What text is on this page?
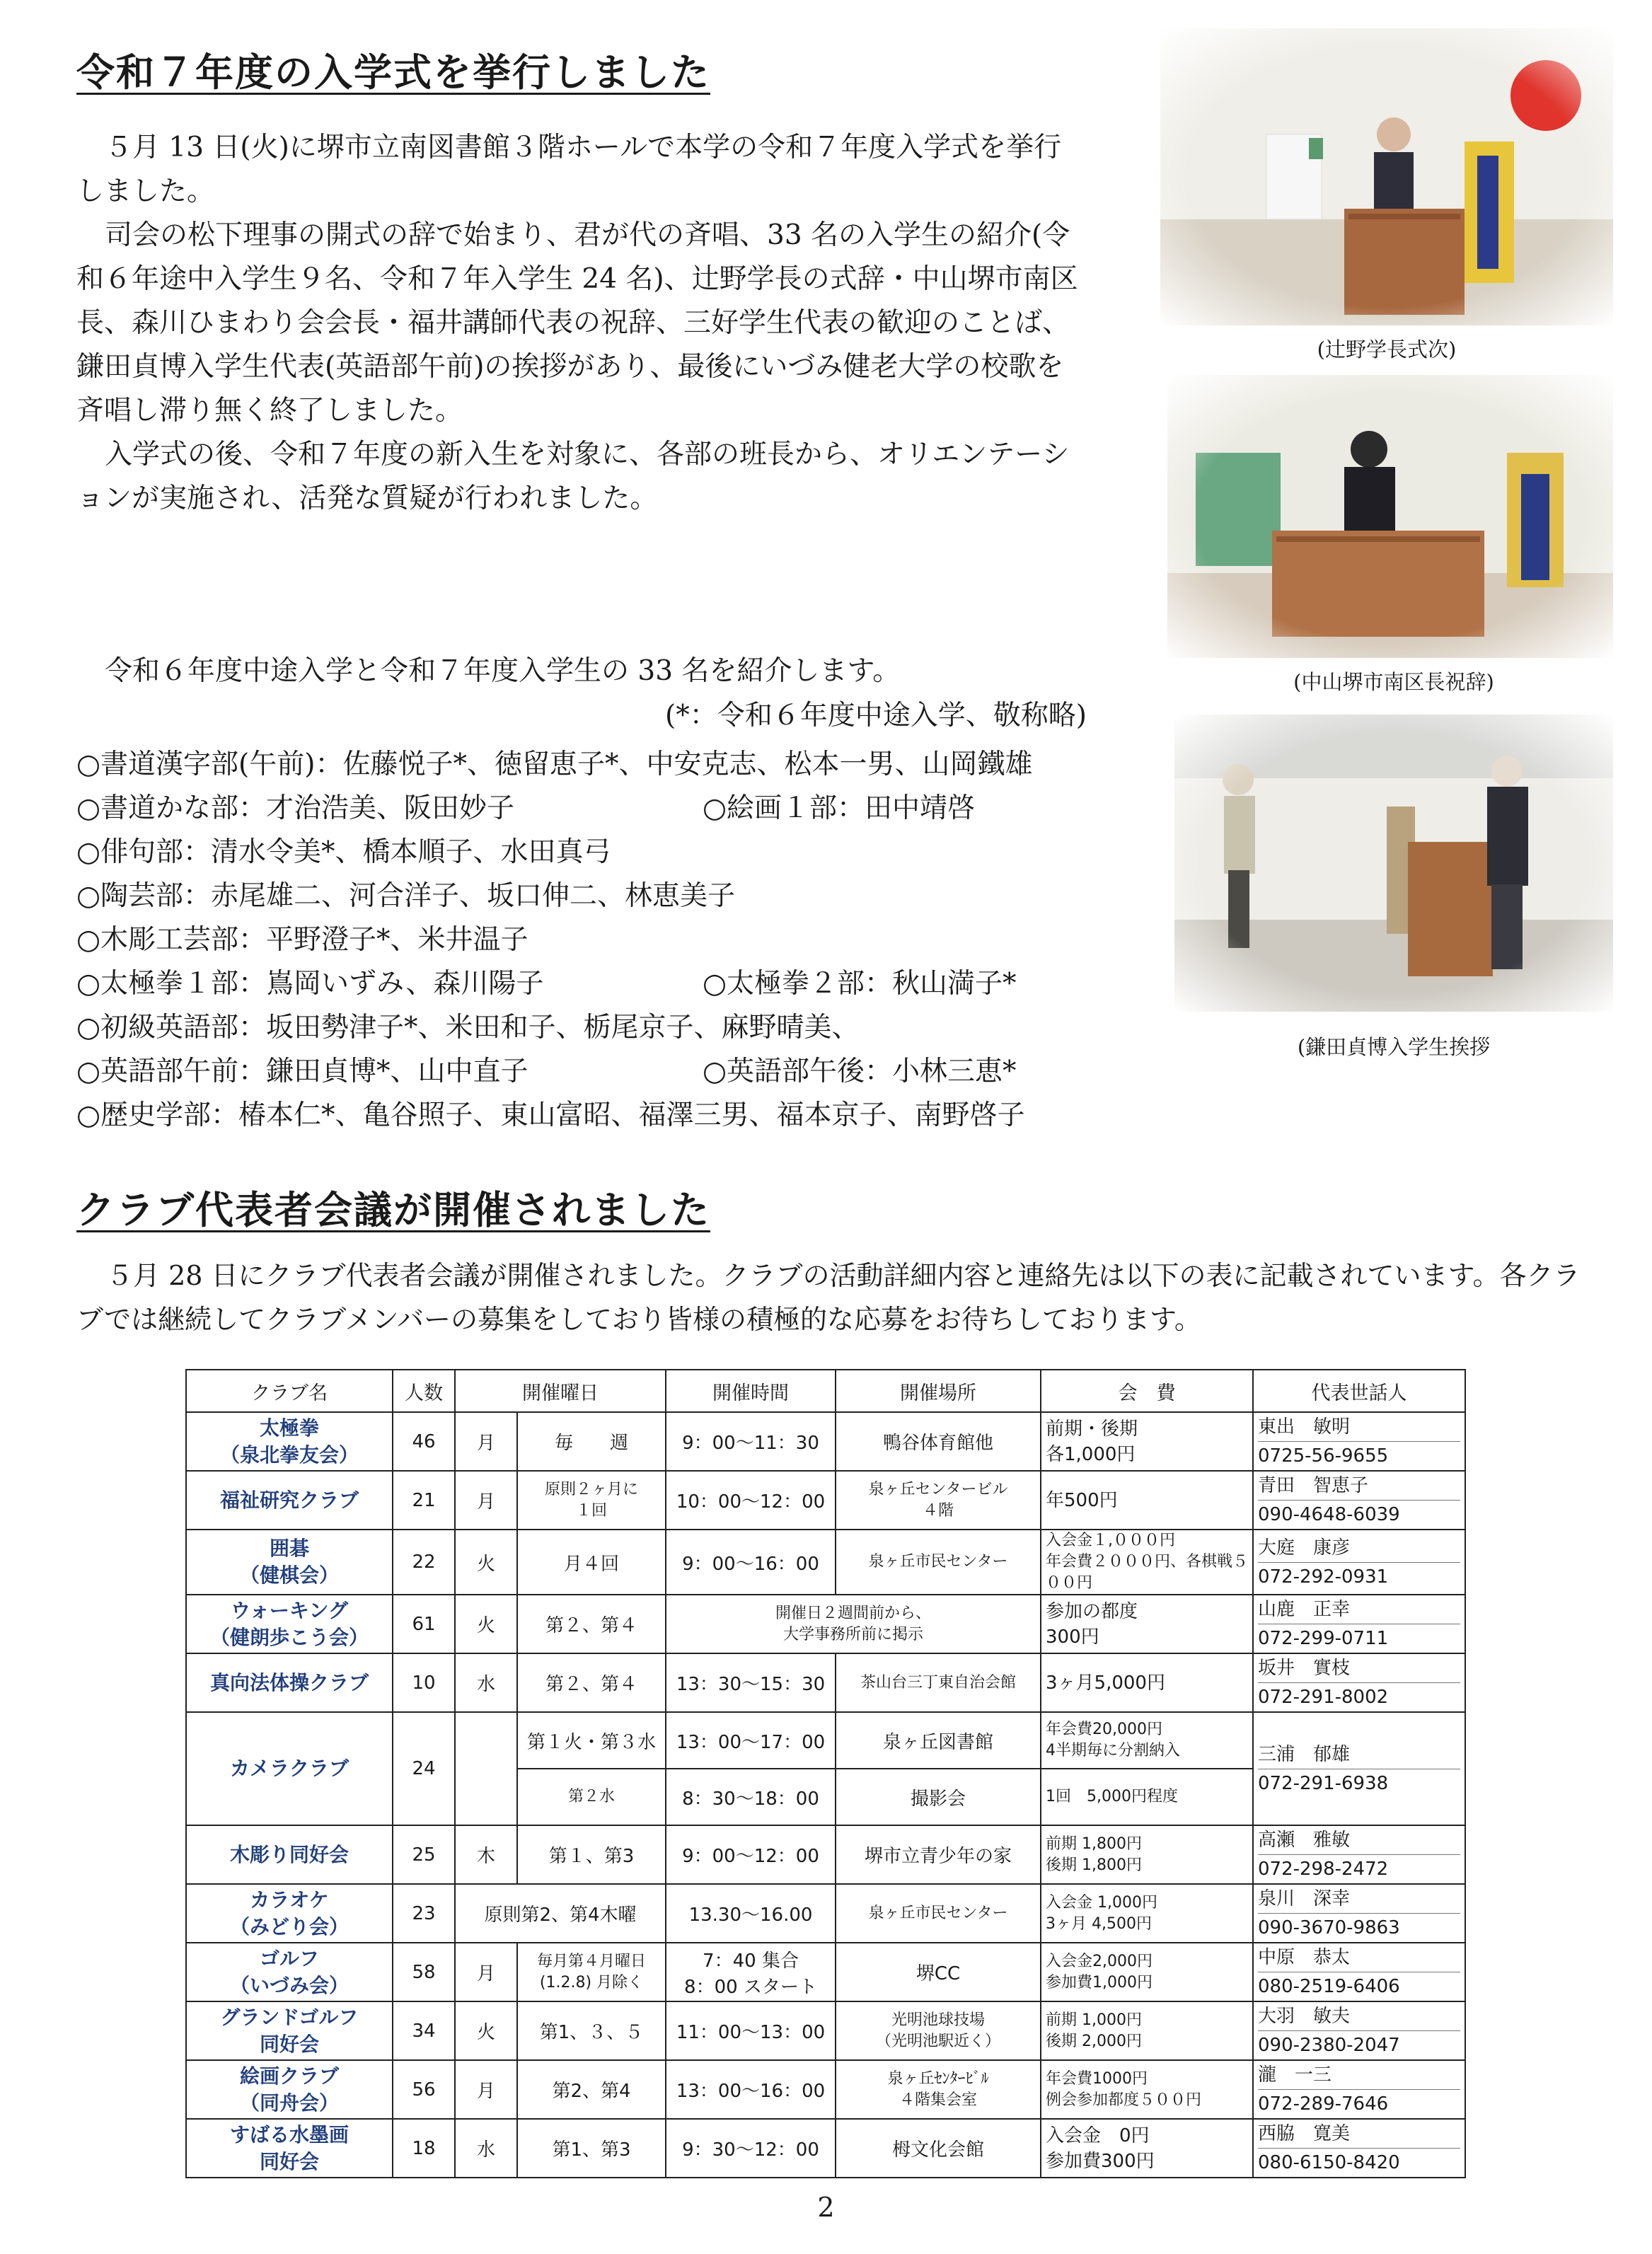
令和７年度の入学式を挙行しました

５月 13 日(火)に堺市立南図書館３階ホールで本学の令和７年度入学式を挙行しました。

司会の松下理事の開式の辞で始まり、君が代の斉唱、33 名の入学生の紹介(令和６年途中入学生９名、令和７年入学生 24 名)、辻野学長の式辞・中山堺市南区長、森川ひまわり会会長・福井講師代表の祝辞、三好学生代表の歓迎のことば、鎌田貞博入学生代表(英語部午前)の挨拶があり、最後にいづみ健老大学の校歌を斉唱し滞り無く終了しました。

入学式の後、令和７年度の新入生を対象に、各部の班長から、オリエンテーションが実施され、活発な質疑が行われました。

令和６年度中途入学と令和７年度入学生の 33 名を紹介します。

(*：令和６年度中途入学、敬称略)
○書道漢字部(午前)：佐藤悦子*、徳留恵子*、中安克志、松本一男、山岡鐵雄
○書道かな部：才治浩美、阪田妙子	○絵画１部：田中靖啓
○俳句部：清水令美*、橋本順子、水田真弓
○陶芸部：赤尾雄二、河合洋子、坂口伸二、林恵美子
○木彫工芸部：平野澄子*、米井温子
○太極拳１部：嶌岡いずみ、森川陽子	○太極拳２部：秋山満子*
○初級英語部：坂田勢津子*、米田和子、栃尾京子、麻野晴美、
○英語部午前：鎌田貞博*、山中直子	○英語部午後：小林三恵*
○歴史学部：椿本仁*、亀谷照子、東山富昭、福澤三男、福本京子、南野啓子
(辻野学長式次)
(中山堺市南区長祝辞)
(鎌田貞博入学生挨拶
クラブ代表者会議が開催されました

５月 28 日にクラブ代表者会議が開催されました。クラブの活動詳細内容と連絡先は以下の表に記載されています。各クラブでは継続してクラブメンバーの募集をしており皆様の積極的な応募をお待ちしております。

クラブ名	人数	開催曜日		開催時間	開催場所	会　費	代表世話人
太極拳
（泉北拳友会）	46	月	毎　　週	9：00～11：30	鴨谷体育館他	前期・後期
各1,000円	東出　敏明
0725-56-9655

福祉研究クラブ	21	月	原則２ヶ月に
１回	10：00～12：00	泉ヶ丘センタービル
４階	年500円	青田　智恵子
090-4648-6039

囲碁
（健棋会）	22	火	月４回	9：00～16：00	泉ヶ丘市民センター	入会金１,０００円
年会費２０００円、各棋戦５００円	大庭　康彦
072-292-0931

ウォーキング
（健朗歩こう会）	61	火	第２、第４	開催日２週間前から、
大学事務所前に掲示		参加の都度
300円	山鹿　正幸
072-299-0711

真向法体操クラブ	10	水	第２、第４	13：30～15：30	茶山台三丁東自治会館	3ヶ月5,000円	坂井　實枝
072-291-8002

カメラクラブ	24		第１火・第３水	13：00～17：00	泉ヶ丘図書館	年会費20,000円
4半期毎に分割納入	三浦　郁雄
072-291-6938

			第２水	8：30～18：00	撮影会	1回　5,000円程度	
木彫り同好会	25	木	第１、第3	9：00～12：00	堺市立青少年の家	前期 1,800円
後期 1,800円	高瀬　雅敏
072-298-2472

カラオケ
（みどり会）	23	原則第2、第4木曜		13.30～16.00	泉ヶ丘市民センター	入会金 1,000円
3ヶ月 4,500円	泉川　深幸
090-3670-9863

ゴルフ
（いづみ会）	58	月	毎月第４月曜日
(1.2.8) 月除く	7：40 集合
8：00 スタート	堺CC	入会金2,000円
参加費1,000円	中原　恭太
080-2519-6406

グランドゴルフ
同好会	34	火	第1、３、５	11：00～13：00	光明池球技場
（光明池駅近く）	前期 1,000円
後期 2,000円	大羽　敏夫
090-2380-2047

絵画クラブ
（同舟会）	56	月	第2、第4	13：00～16：00	泉ヶ丘ｾﾝﾀｰﾋﾞﾙ
４階集会室	年会費1000円
例会参加都度５００円	瀧　一三
072-289-7646

すばる水墨画
同好会	18	水	第1、第3	9：30～12：00	栂文化会館	入会金　0円
参加費300円	西脇　寛美
080-6150-8420
2
